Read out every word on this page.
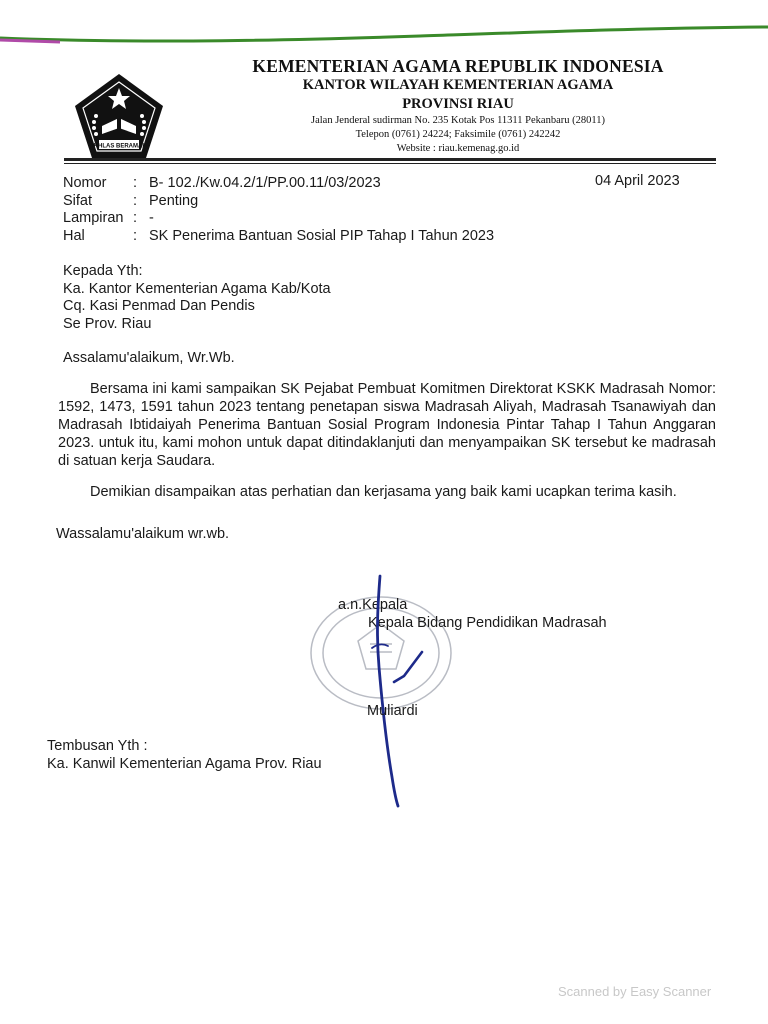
IKHLAS BERAMAL
KEMENTERIAN AGAMA REPUBLIK INDONESIA
KANTOR WILAYAH KEMENTERIAN AGAMA
PROVINSI RIAU
Jalan Jenderal sudirman No. 235 Kotak Pos 11311 Pekanbaru (28011)
Telepon (0761) 24224; Faksimile (0761) 242242
Website : riau.kemenag.go.id
Nomor	: B- 102./Kw.04.2/1/PP.00.11/03/2023
Sifat	: Penting
Lampiran : -
Hal	: SK Penerima Bantuan Sosial PIP Tahap I Tahun 2023
04 April 2023
Kepada Yth:
Ka. Kantor Kementerian Agama Kab/Kota
Cq. Kasi Penmad Dan Pendis
Se Prov. Riau
Assalamu'alaikum, Wr.Wb.
Bersama ini kami sampaikan SK Pejabat Pembuat Komitmen Direktorat KSKK Madrasah Nomor: 1592, 1473, 1591 tahun 2023 tentang penetapan siswa Madrasah Aliyah, Madrasah Tsanawiyah dan Madrasah Ibtidaiyah Penerima Bantuan Sosial Program Indonesia Pintar Tahap I Tahun Anggaran 2023. untuk itu, kami mohon untuk dapat ditindaklanjuti dan menyampaikan SK tersebut ke madrasah di satuan kerja Saudara.
Demikian disampaikan atas perhatian dan kerjasama yang baik kami ucapkan terima kasih.
Wassalamu'alaikum wr.wb.
a.n.Kepala
Kepala Bidang Pendidikan Madrasah
Muliardi
Tembusan Yth :
Ka. Kanwil Kementerian Agama Prov. Riau
Scanned by Easy Scanner
